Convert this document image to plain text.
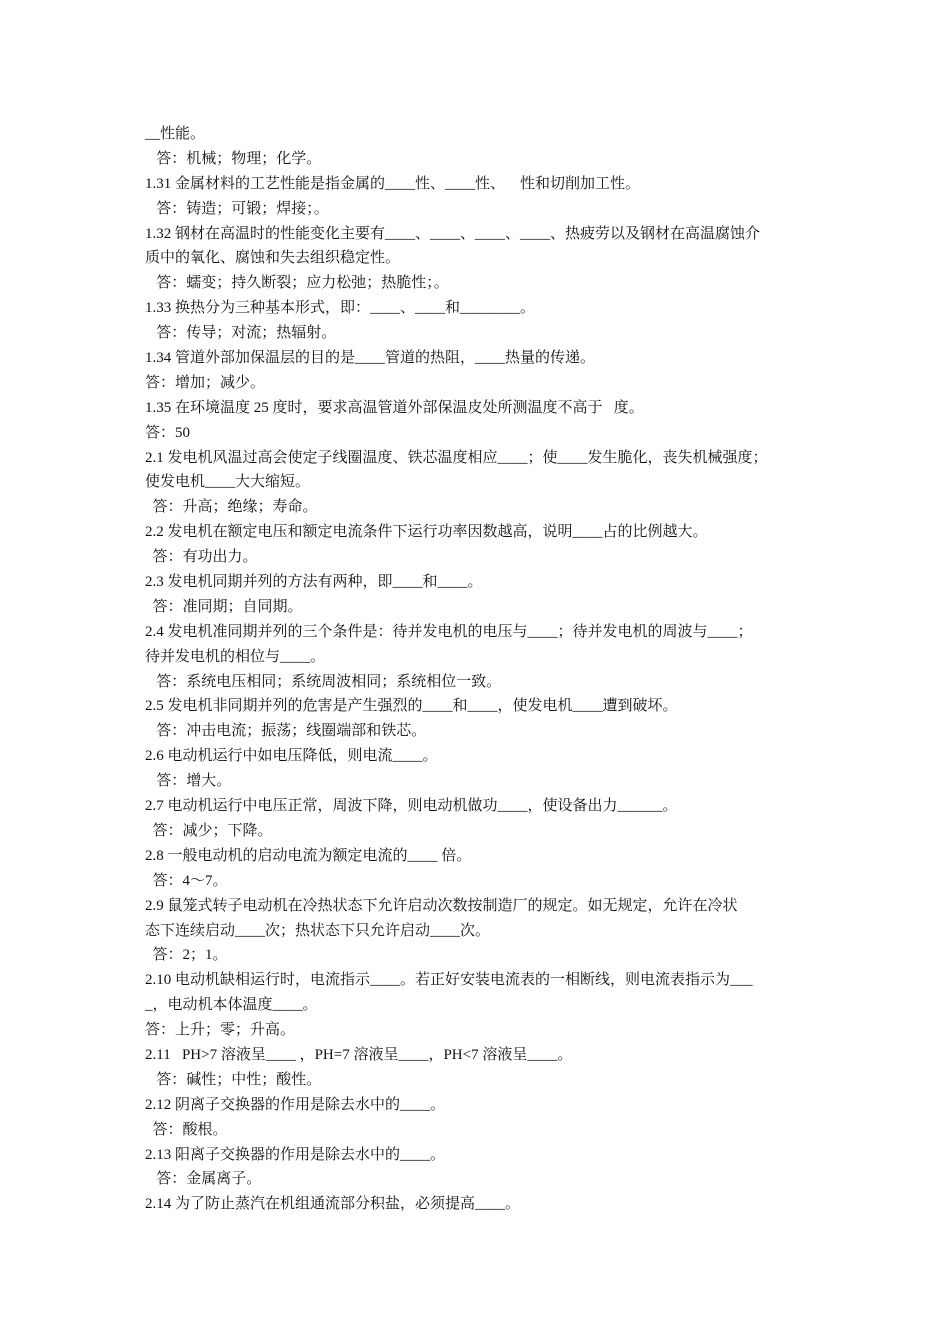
__性能。
答：机械；物理；化学。
1.31 金属材料的工艺性能是指金属的____性、____性、    性和切削加工性。
答：铸造；可锻；焊接；。
1.32 钢材在高温时的性能变化主要有____、____、____、____、热疲劳以及钢材在高温腐蚀介
质中的氧化、腐蚀和失去组织稳定性。
答：蠕变；持久断裂；应力松弛；热脆性；。
1.33 换热分为三种基本形式，即：____、____和________。
答：传导；对流；热辐射。
1.34 管道外部加保温层的目的是____管道的热阻，____热量的传递。
答：增加；减少。
1.35 在环境温度 25 度时，要求高温管道外部保温皮处所测温度不高于   度。
答：50
2.1 发电机风温过高会使定子线圈温度、铁芯温度相应____；使____发生脆化，丧失机械强度；
使发电机____大大缩短。
答：升高；绝缘；寿命。
2.2 发电机在额定电压和额定电流条件下运行功率因数越高，说明____占的比例越大。
答：有功出力。
2.3 发电机同期并列的方法有两种，即____和____。
答：准同期；自同期。
2.4 发电机准同期并列的三个条件是：待并发电机的电压与____；待并发电机的周波与____；
待并发电机的相位与____。
答：系统电压相同；系统周波相同；系统相位一致。
2.5 发电机非同期并列的危害是产生强烈的____和____，使发电机____遭到破坏。
答：冲击电流；振荡；线圈端部和铁芯。
2.6 电动机运行中如电压降低，则电流____。
答：增大。
2.7 电动机运行中电压正常，周波下降，则电动机做功____，使设备出力______。
答：减少；下降。
2.8 一般电动机的启动电流为额定电流的____ 倍。
答：4～7。
2.9 鼠笼式转子电动机在冷热状态下允许启动次数按制造厂的规定。如无规定，允许在冷状
态下连续启动____次；热状态下只允许启动____次。
答：2；1。
2.10 电动机缺相运行时，电流指示____。若正好安装电流表的一相断线，则电流表指示为___
_，电动机本体温度____。
答：上升；零；升高。
2.11   PH>7 溶液呈____ ，PH=7 溶液呈____，PH<7 溶液呈____。
答：碱性；中性；酸性。
2.12 阴离子交换器的作用是除去水中的____。
答：酸根。
2.13 阳离子交换器的作用是除去水中的____。
答：金属离子。
2.14 为了防止蒸汽在机组通流部分积盐，必须提高____。
